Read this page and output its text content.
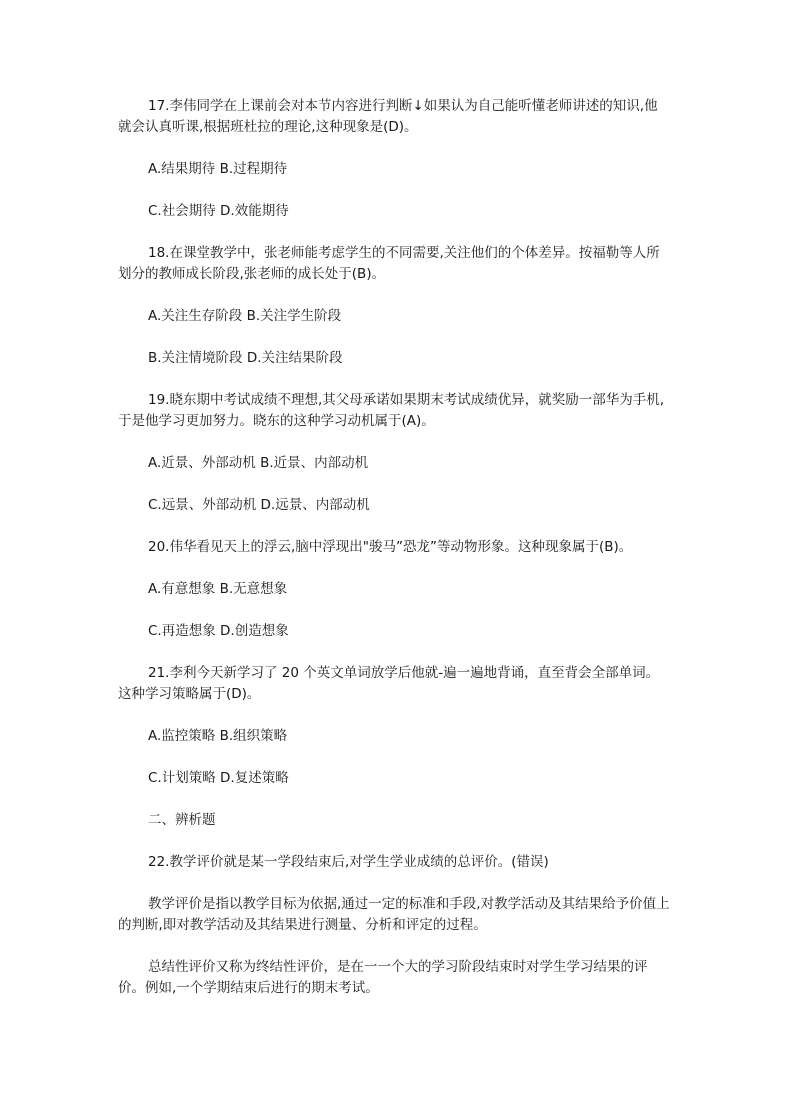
17.李伟同学在上课前会对本节内容进行判断↓如果认为自己能听懂老师讲述的知识,他就会认真听课,根据班杜拉的理论,这种现象是(D)。

A.结果期待 B.过程期待

C.社会期待 D.效能期待

18.在课堂教学中，张老师能考虑学生的不同需要,关注他们的个体差异。按福勒等人所划分的教师成长阶段,张老师的成长处于(B)。

A.关注生存阶段 B.关注学生阶段

B.关注情境阶段 D.关注结果阶段

19.晓东期中考试成绩不理想,其父母承诺如果期末考试成绩优异，就奖励一部华为手机,于是他学习更加努力。晓东的这种学习动机属于(A)。

A.近景、外部动机 B.近景、内部动机

C.远景、外部动机 D.远景、内部动机

20.伟华看见天上的浮云,脑中浮现出"骏马”恐龙”等动物形象。这种现象属于(B)。

A.有意想象 B.无意想象

C.再造想象 D.创造想象

21.李利今天新学习了 20 个英文单词放学后他就-遍一遍地背诵，直至背会全部单词。这种学习策略属于(D)。

A.监控策略 B.组织策略

C.计划策略 D.复述策略

二、辨析题

22.教学评价就是某一学段结束后,对学生学业成绩的总评价。(错误)

教学评价是指以教学目标为依据,通过一定的标准和手段,对教学活动及其结果给予价值上的判断,即对教学活动及其结果进行测量、分析和评定的过程。

总结性评价又称为终结性评价，是在一一个大的学习阶段结束时对学生学习结果的评价。例如,一个学期结束后进行的期末考试。
